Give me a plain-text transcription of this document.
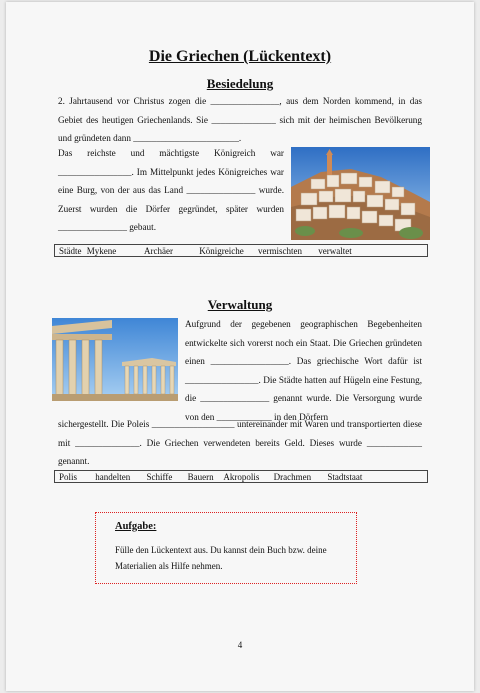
Die Griechen (Lückentext)
Besiedelung

2. Jahrtausend vor Christus zogen die _______________, aus dem Norden kommend, in das Gebiet des heutigen Griechenlands. Sie ______________ sich mit der heimischen Bevölkerung und gründeten dann _______________________.

Das reichste und mächtigste Königreich war ________________. Im Mittelpunkt jedes Königreiches war eine Burg, von der aus das Land _______________ wurde. Zuerst wurden die Dörfer gegründet, später wurden _______________ gebaut.

Städte Mykene	Archäer	Königreiche vermischten verwaltet
Verwaltung

Aufgrund der gegebenen geographischen Begebenheiten entwickelte sich vorerst noch ein Staat. Die Griechen gründeten einen _________________. Das griechische Wort dafür ist ________________. Die Städte hatten auf Hügeln eine Festung, die _______________ genannt wurde. Die Versorgung wurde von den ____________ in den Dörfern

sichergestellt. Die Poleis __________________ untereinander mit Waren und transportierten diese mit ______________. Die Griechen verwendeten bereits Geld. Dieses wurde ____________ genannt.

Polis handelten Schiffe Bauern Akropolis Drachmen Stadtstaat
Aufgabe:
Fülle den Lückentext aus. Du kannst dein Buch bzw. deine Materialien als Hilfe nehmen.
4
